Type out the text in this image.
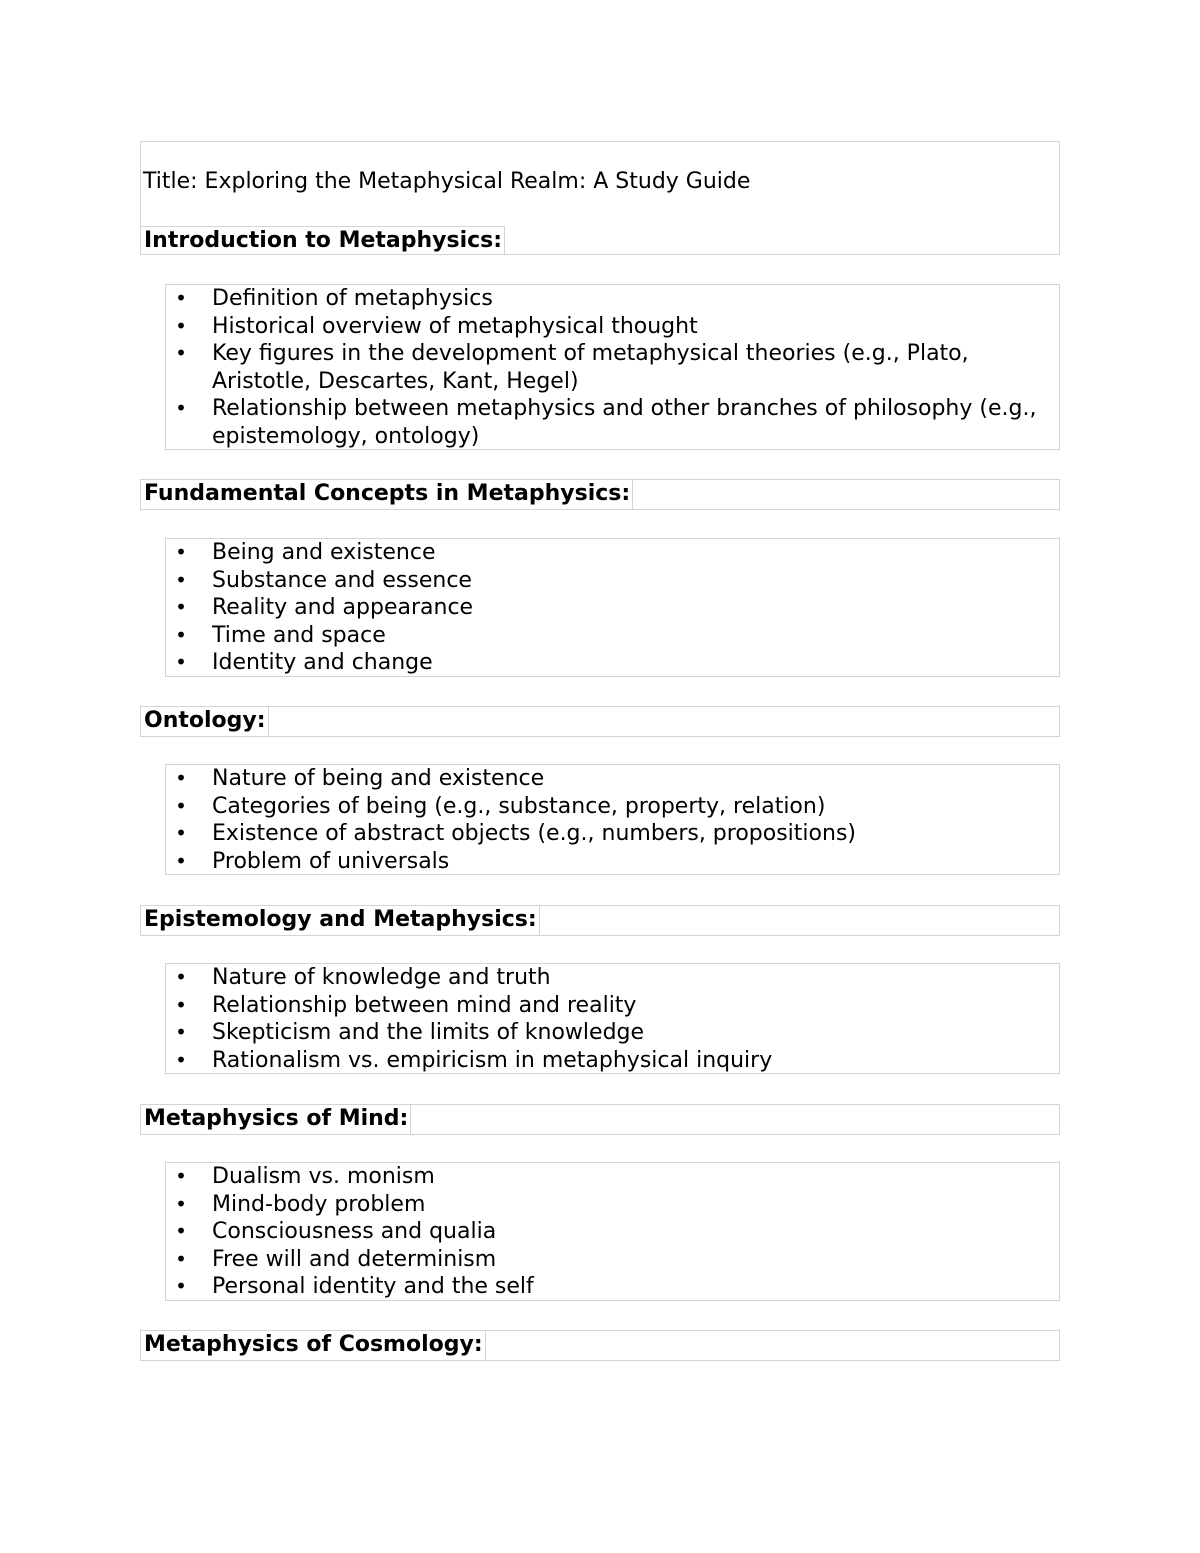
Title: Exploring the Metaphysical Realm: A Study Guide
Introduction to Metaphysics:
• Definition of metaphysics
• Historical overview of metaphysical thought
• Key figures in the development of metaphysical theories (e.g., Plato, Aristotle, Descartes, Kant, Hegel)
• Relationship between metaphysics and other branches of philosophy (e.g., epistemology, ontology)
Fundamental Concepts in Metaphysics:
• Being and existence
• Substance and essence
• Reality and appearance
• Time and space
• Identity and change
Ontology:
• Nature of being and existence
• Categories of being (e.g., substance, property, relation)
• Existence of abstract objects (e.g., numbers, propositions)
• Problem of universals
Epistemology and Metaphysics:
• Nature of knowledge and truth
• Relationship between mind and reality
• Skepticism and the limits of knowledge
• Rationalism vs. empiricism in metaphysical inquiry
Metaphysics of Mind:
• Dualism vs. monism
• Mind-body problem
• Consciousness and qualia
• Free will and determinism
• Personal identity and the self
Metaphysics of Cosmology:
